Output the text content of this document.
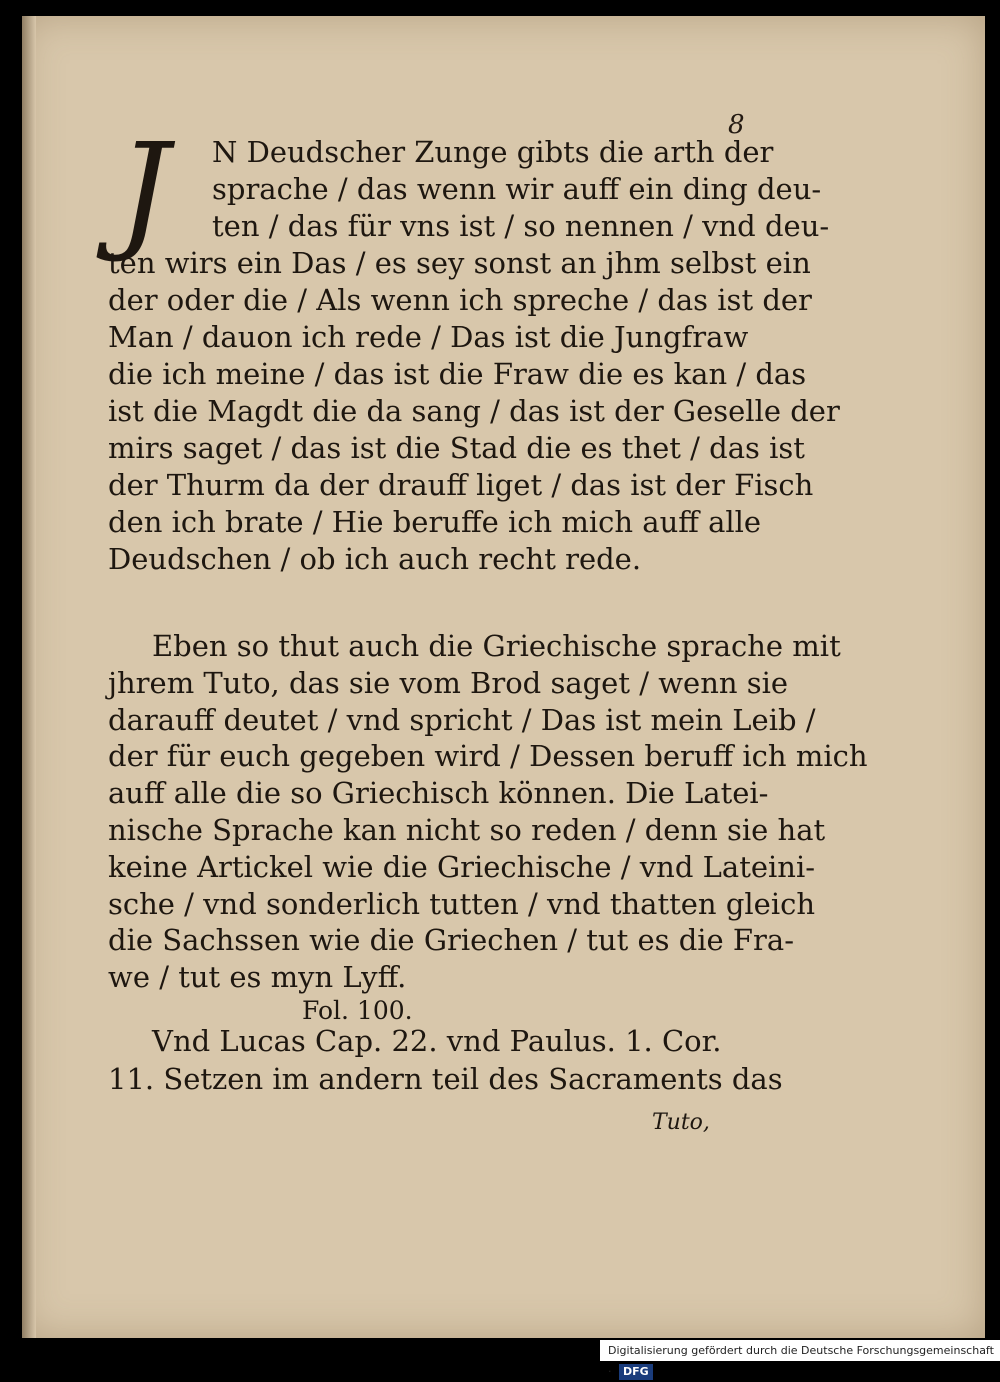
8
J	N Deudscher Zunge gibts die arth der
sprache / das wenn wir auff ein ding deu-
ten / das für vns ist / so nennen / vnd deu-
ten wirs ein Das / es sey sonst an jhm selbst ein
der oder die / Als wenn ich spreche / das ist der
Man / dauon ich rede / Das ist die Jungfraw
die ich meine / das ist die Fraw die es kan / das
ist die Magdt die da sang / das ist der Geselle der
mirs saget / das ist die Stad die es thet / das ist
der Thurm da der drauff liget / das ist der Fisch
den ich brate / Hie beruffe ich mich auff alle
Deudschen / ob ich auch recht rede.
Eben so thut auch die Griechische sprache mit
jhrem Tuto, das sie vom Brod saget / wenn sie
darauff deutet / vnd spricht / Das ist mein Leib /
der für euch gegeben wird / Dessen beruff ich mich
auff alle die so Griechisch können. Die Latei-
nische Sprache kan nicht so reden / denn sie hat
keine Artickel wie die Griechische / vnd Lateini-
sche / vnd sonderlich tutten / vnd thatten gleich
die Sachssen wie die Griechen / tut es die Fra-
we / tut es myn Lyff.
Fol. 100.
Vnd Lucas Cap. 22. vnd Paulus. 1. Cor.
11. Setzen im andern teil des Sacraments das
Tuto,
Digitalisierung gefördert durch die Deutsche Forschungsgemeinschaft · DFG
